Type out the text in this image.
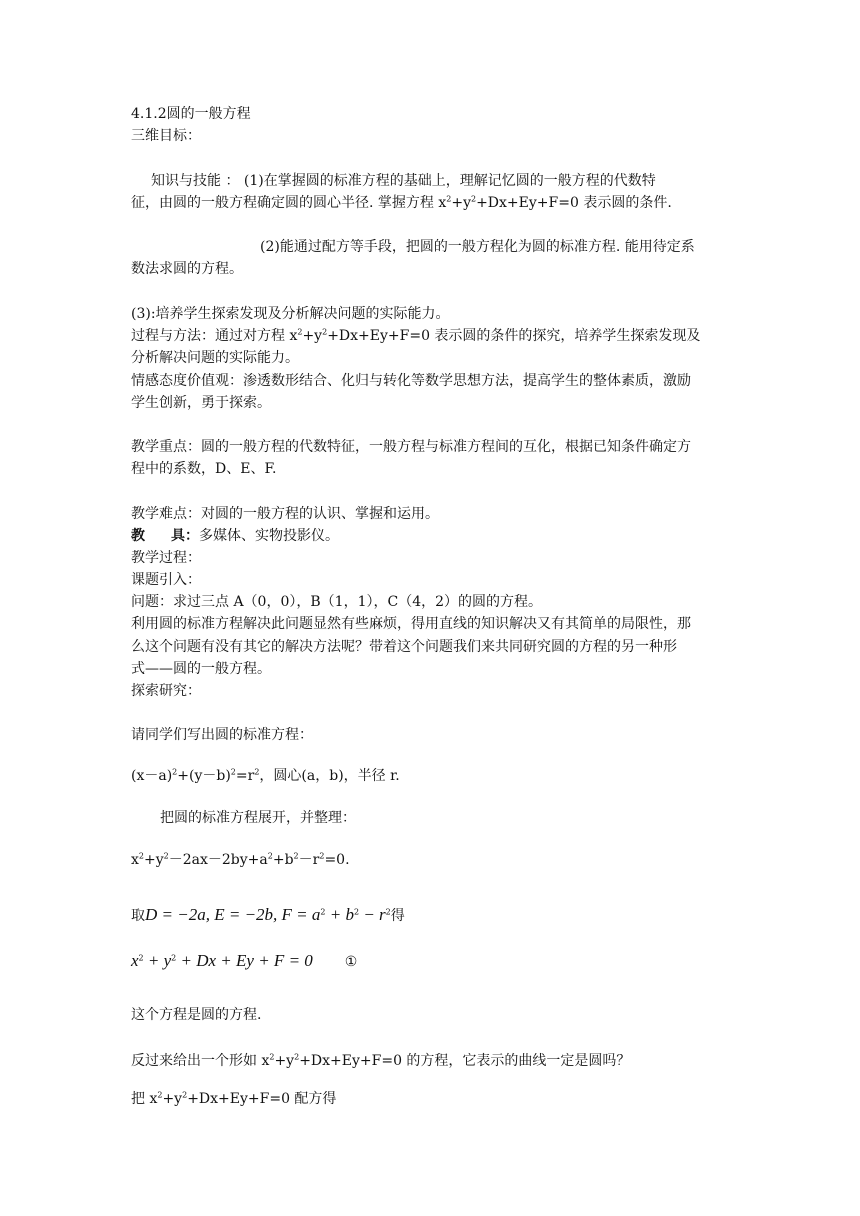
4.1.2圆的一般方程
三维目标：
知识与技能 ： (1)在掌握圆的标准方程的基础上，理解记忆圆的一般方程的代数特
征，由圆的一般方程确定圆的圆心半径. 掌握方程 $x^2+y^2+Dx+Ey+F=0$ 表示圆的条件.
(2)能通过配方等手段，把圆的一般方程化为圆的标准方程. 能用待定系
数法求圆的方程。
(3):培养学生探索发现及分析解决问题的实际能力。
过程与方法：通过对方程 $x^2+y^2+Dx+Ey+F=0$ 表示圆的条件的探究，培养学生探索发现及
分析解决问题的实际能力。
情感态度价值观：渗透数形结合、化归与转化等数学思想方法，提高学生的整体素质，激励
学生创新，勇于探索。
教学重点：圆的一般方程的代数特征，一般方程与标准方程间的互化，根据已知条件确定方
程中的系数，D、E、F.
教学难点：对圆的一般方程的认识、掌握和运用。
教 具：多媒体、实物投影仪。
教学过程：
课题引入：
问题：求过三点 A（0，0），B（1，1），C（4，2）的圆的方程。
利用圆的标准方程解决此问题显然有些麻烦，得用直线的知识解决又有其简单的局限性，那
么这个问题有没有其它的解决方法呢？带着这个问题我们来共同研究圆的方程的另一种形
式——圆的一般方程。
探索研究：
请同学们写出圆的标准方程：
$(x-a)^2+(y-b)^2=r^2$，圆心(a，b)，半径 r.
把圆的标准方程展开，并整理：
$x^2+y^2-2ax-2by+a^2+b^2-r^2=0$.
取D = −2a, E = −2b, $F = a^2 + b^2 - r^2$得
$x^2 + y^2 + Dx + Ey + F = 0$ ①
这个方程是圆的方程.
反过来给出一个形如 $x^2+y^2+Dx+Ey+F=0$ 的方程，它表示的曲线一定是圆吗？
把 $x^2+y^2+Dx+Ey+F=0$ 配方得
